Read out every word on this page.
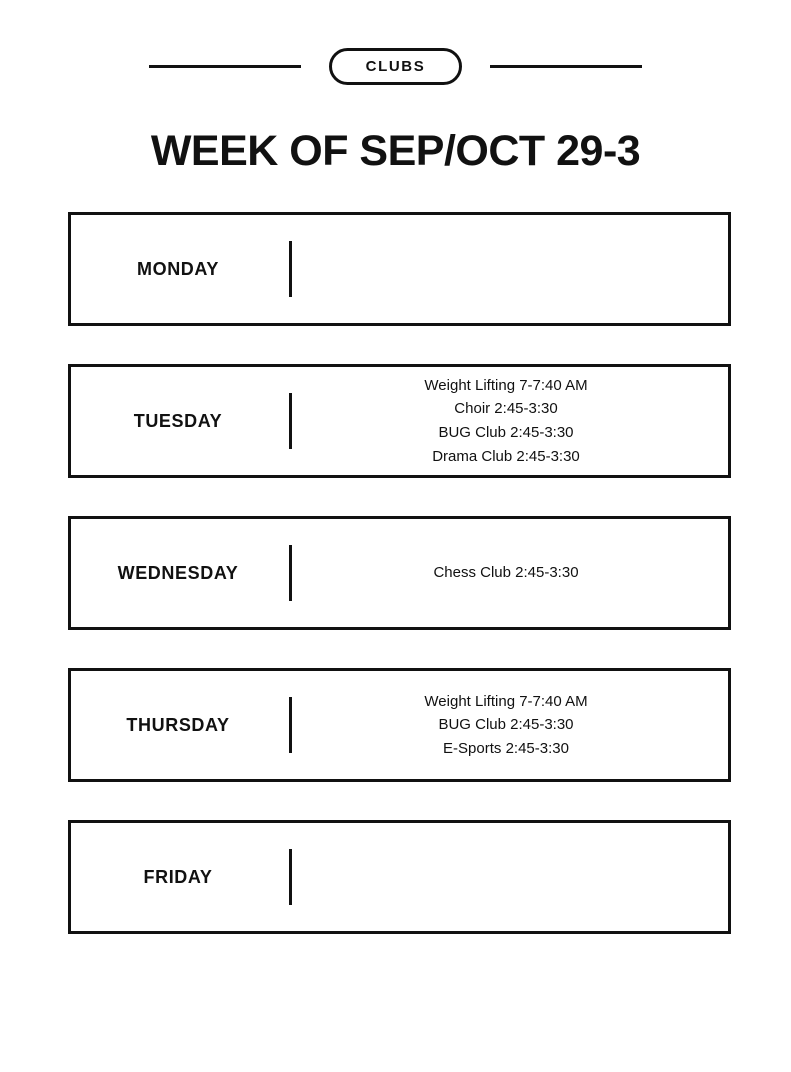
CLUBS
WEEK OF SEP/OCT 29-3
MONDAY
TUESDAY
Weight Lifting 7-7:40 AM
Choir 2:45-3:30
BUG Club 2:45-3:30
Drama Club 2:45-3:30
WEDNESDAY	Chess Club 2:45-3:30
THURSDAY
Weight Lifting 7-7:40 AM
BUG Club 2:45-3:30
E-Sports 2:45-3:30
FRIDAY
